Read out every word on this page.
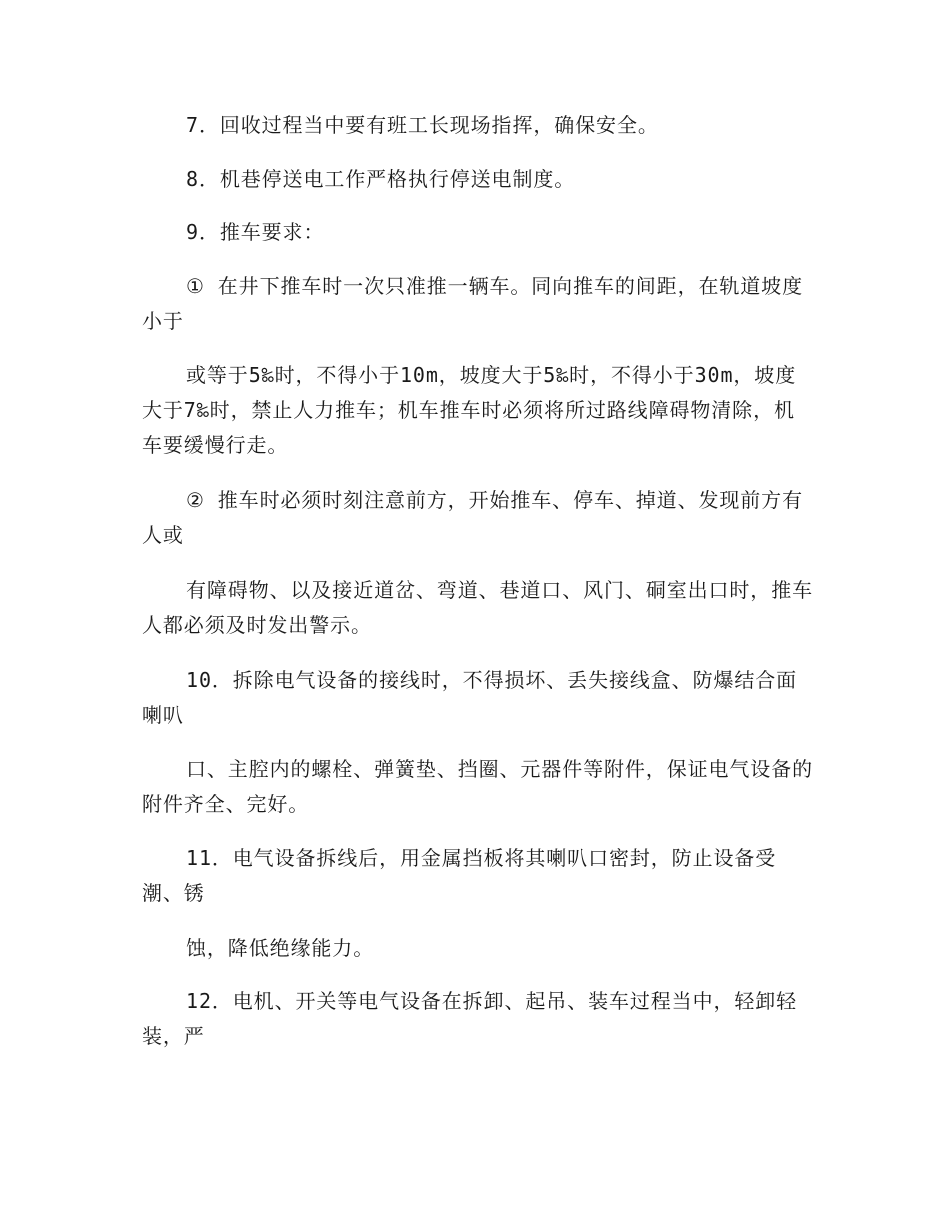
7．回收过程当中要有班工长现场指挥，确保安全。

8．机巷停送电工作严格执行停送电制度。

9．推车要求：

① 在井下推车时一次只准推一辆车。同向推车的间距，在轨道坡度小于

或等于5‰时，不得小于10m，坡度大于5‰时，不得小于30m，坡度大于7‰时，禁止人力推车；机车推车时必须将所过路线障碍物清除，机车要缓慢行走。

② 推车时必须时刻注意前方，开始推车、停车、掉道、发现前方有人或

有障碍物、以及接近道岔、弯道、巷道口、风门、硐室出口时，推车人都必须及时发出警示。

10．拆除电气设备的接线时，不得损坏、丢失接线盒、防爆结合面喇叭

口、主腔内的螺栓、弹簧垫、挡圈、元器件等附件，保证电气设备的附件齐全、完好。

11．电气设备拆线后，用金属挡板将其喇叭口密封，防止设备受潮、锈

蚀，降低绝缘能力。

12．电机、开关等电气设备在拆卸、起吊、装车过程当中，轻卸轻装，严
